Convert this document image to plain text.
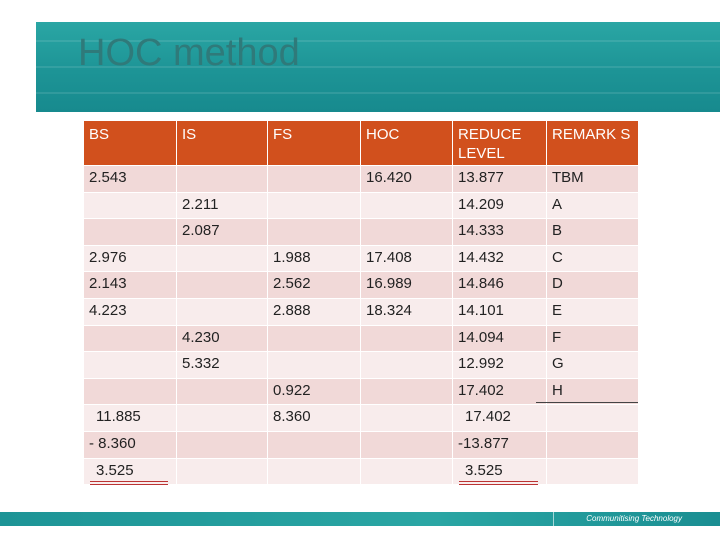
HOC method
BS	IS	FS	HOC	REDUCE LEVEL	REMARK S
2.543			16.420	13.877	TBM
	2.211			14.209	A
	2.087			14.333	B
2.976		1.988	17.408	14.432	C
2.143		2.562	16.989	14.846	D
4.223		2.888	18.324	14.101	E
	4.230			14.094	F
	5.332			12.992	G
		0.922		17.402	H
11.885		8.360		17.402	
- 8.360				-13.877	
3.525				3.525	
Communitising Technology
